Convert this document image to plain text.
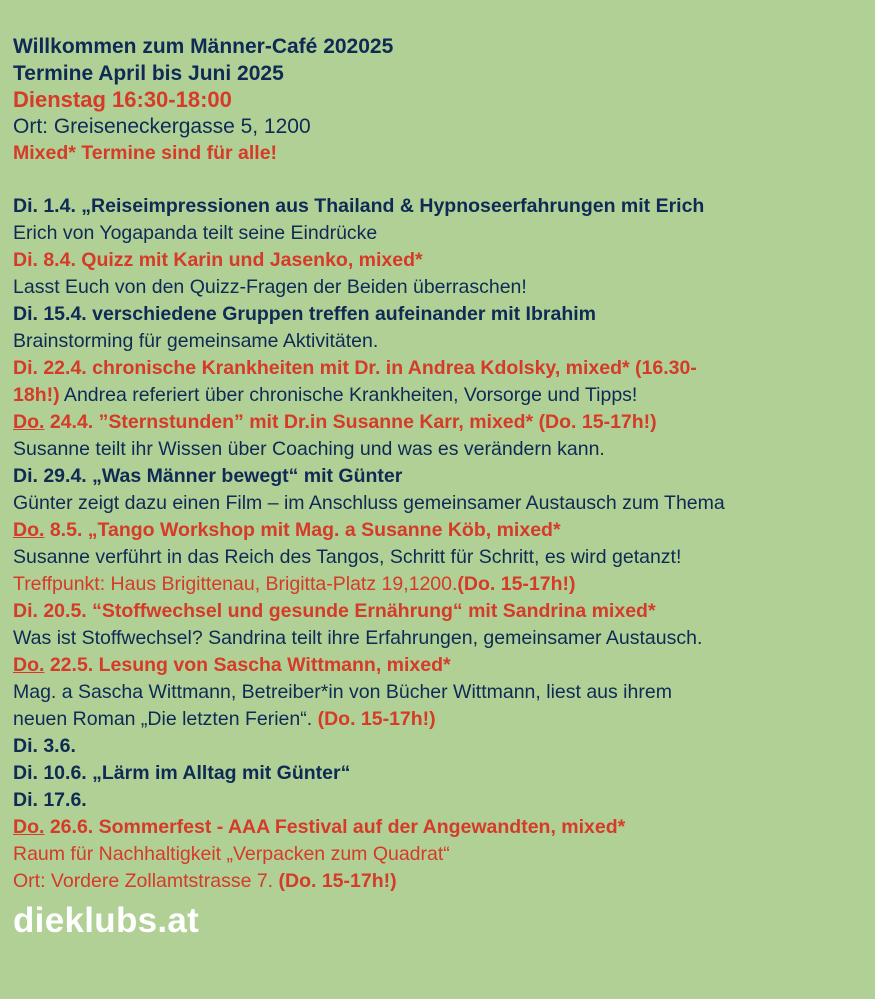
Willkommen zum Männer-Café 202025
Termine April bis Juni 2025
Dienstag 16:30-18:00
Ort: Greiseneckergasse 5, 1200
Mixed* Termine sind für alle!
Di. 1.4. „Reiseimpressionen aus Thailand & Hypnoseerfahrungen mit Erich
Erich von Yogapanda teilt seine Eindrücke
Di. 8.4. Quizz mit Karin und Jasenko, mixed*
Lasst Euch von den Quizz-Fragen der Beiden überraschen!
Di. 15.4. verschiedene Gruppen treffen aufeinander mit Ibrahim
Brainstorming für gemeinsame Aktivitäten.
Di. 22.4. chronische Krankheiten mit Dr. in Andrea Kdolsky, mixed* (16.30-
18h!) Andrea referiert über chronische Krankheiten, Vorsorge und Tipps!
Do. 24.4. ”Sternstunden” mit Dr.in Susanne Karr, mixed* (Do. 15-17h!)
Susanne teilt ihr Wissen über Coaching und was es verändern kann.
Di. 29.4. „Was Männer bewegt“ mit Günter
Günter zeigt dazu einen Film – im Anschluss gemeinsamer Austausch zum Thema
Do. 8.5. „Tango Workshop mit Mag. a Susanne Köb, mixed*
Susanne verführt in das Reich des Tangos, Schritt für Schritt, es wird getanzt!
Treffpunkt: Haus Brigittenau, Brigitta-Platz 19,1200.(Do. 15-17h!)
Di. 20.5. “Stoffwechsel und gesunde Ernährung“ mit Sandrina mixed*
Was ist Stoffwechsel? Sandrina teilt ihre Erfahrungen, gemeinsamer Austausch.
Do. 22.5. Lesung von Sascha Wittmann, mixed*
Mag. a Sascha Wittmann, Betreiber*in von Bücher Wittmann, liest aus ihrem
neuen Roman „Die letzten Ferien“. (Do. 15-17h!)
Di. 3.6.
Di. 10.6. „Lärm im Alltag mit Günter“
Di. 17.6.
Do. 26.6. Sommerfest - AAA Festival auf der Angewandten, mixed*
Raum für Nachhaltigkeit „Verpacken zum Quadrat“
Ort: Vordere Zollamtstrasse 7. (Do. 15-17h!)
dieklubs.at
